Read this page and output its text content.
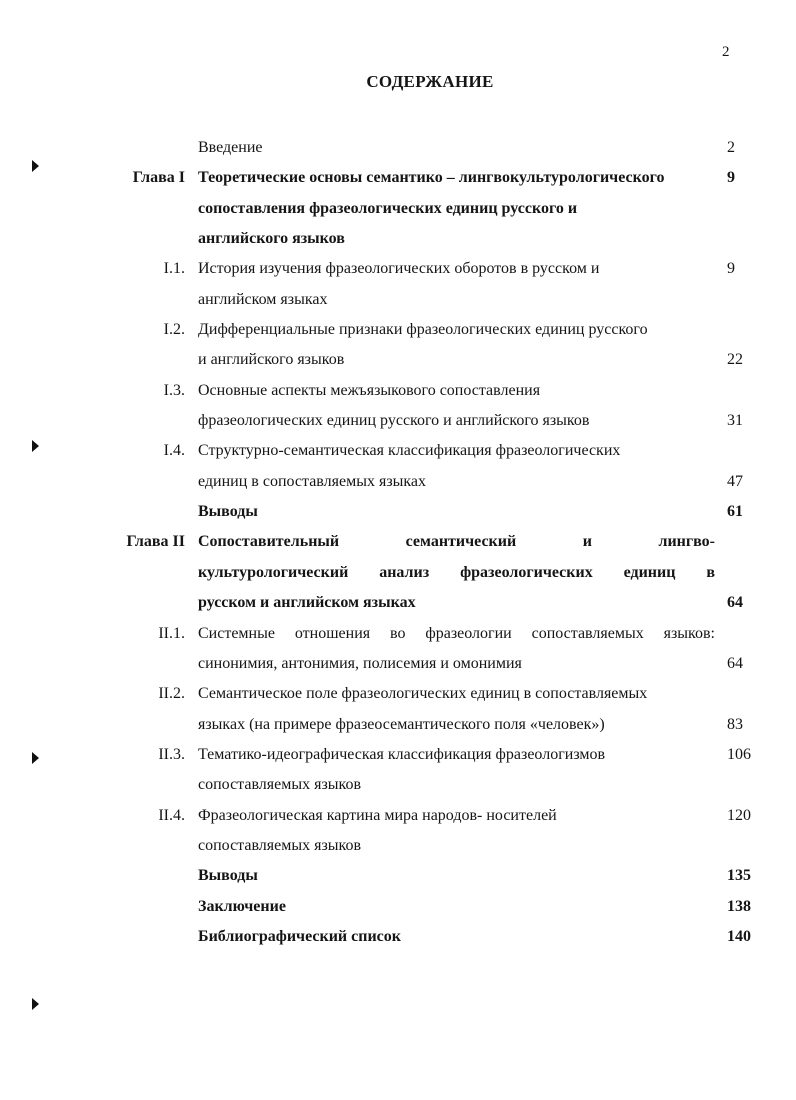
2
СОДЕРЖАНИЕ
Введение	2
Глава I Теоретические основы семантико – лингвокультурологического	9
сопоставления фразеологических единиц русского и
английского языков
I.1. История изучения фразеологических оборотов в русском и	9
английском языках
I.2. Дифференциальные признаки фразеологических единиц русского
и английского языков	22
I.3. Основные аспекты межъязыкового сопоставления
фразеологических единиц русского и английского языков	31
I.4. Структурно-семантическая классификация фразеологических
единиц в сопоставляемых языках	47
Выводы	61
Глава II Сопоставительный семантический и лингво-
культурологический анализ фразеологических единиц в
русском и английском языках	64
II.1. Системные отношения во фразеологии сопоставляемых языков:
синонимия, антонимия, полисемия и омонимия	64
II.2. Семантическое поле фразеологических единиц в сопоставляемых
языках (на примере фразеосемантического поля «человек»)	83
II.3. Тематико-идеографическая классификация фразеологизмов	106
сопоставляемых языков
II.4. Фразеологическая картина мира народов- носителей	120
сопоставляемых языков
Выводы	135
Заключение	138
Библиографический список	140
